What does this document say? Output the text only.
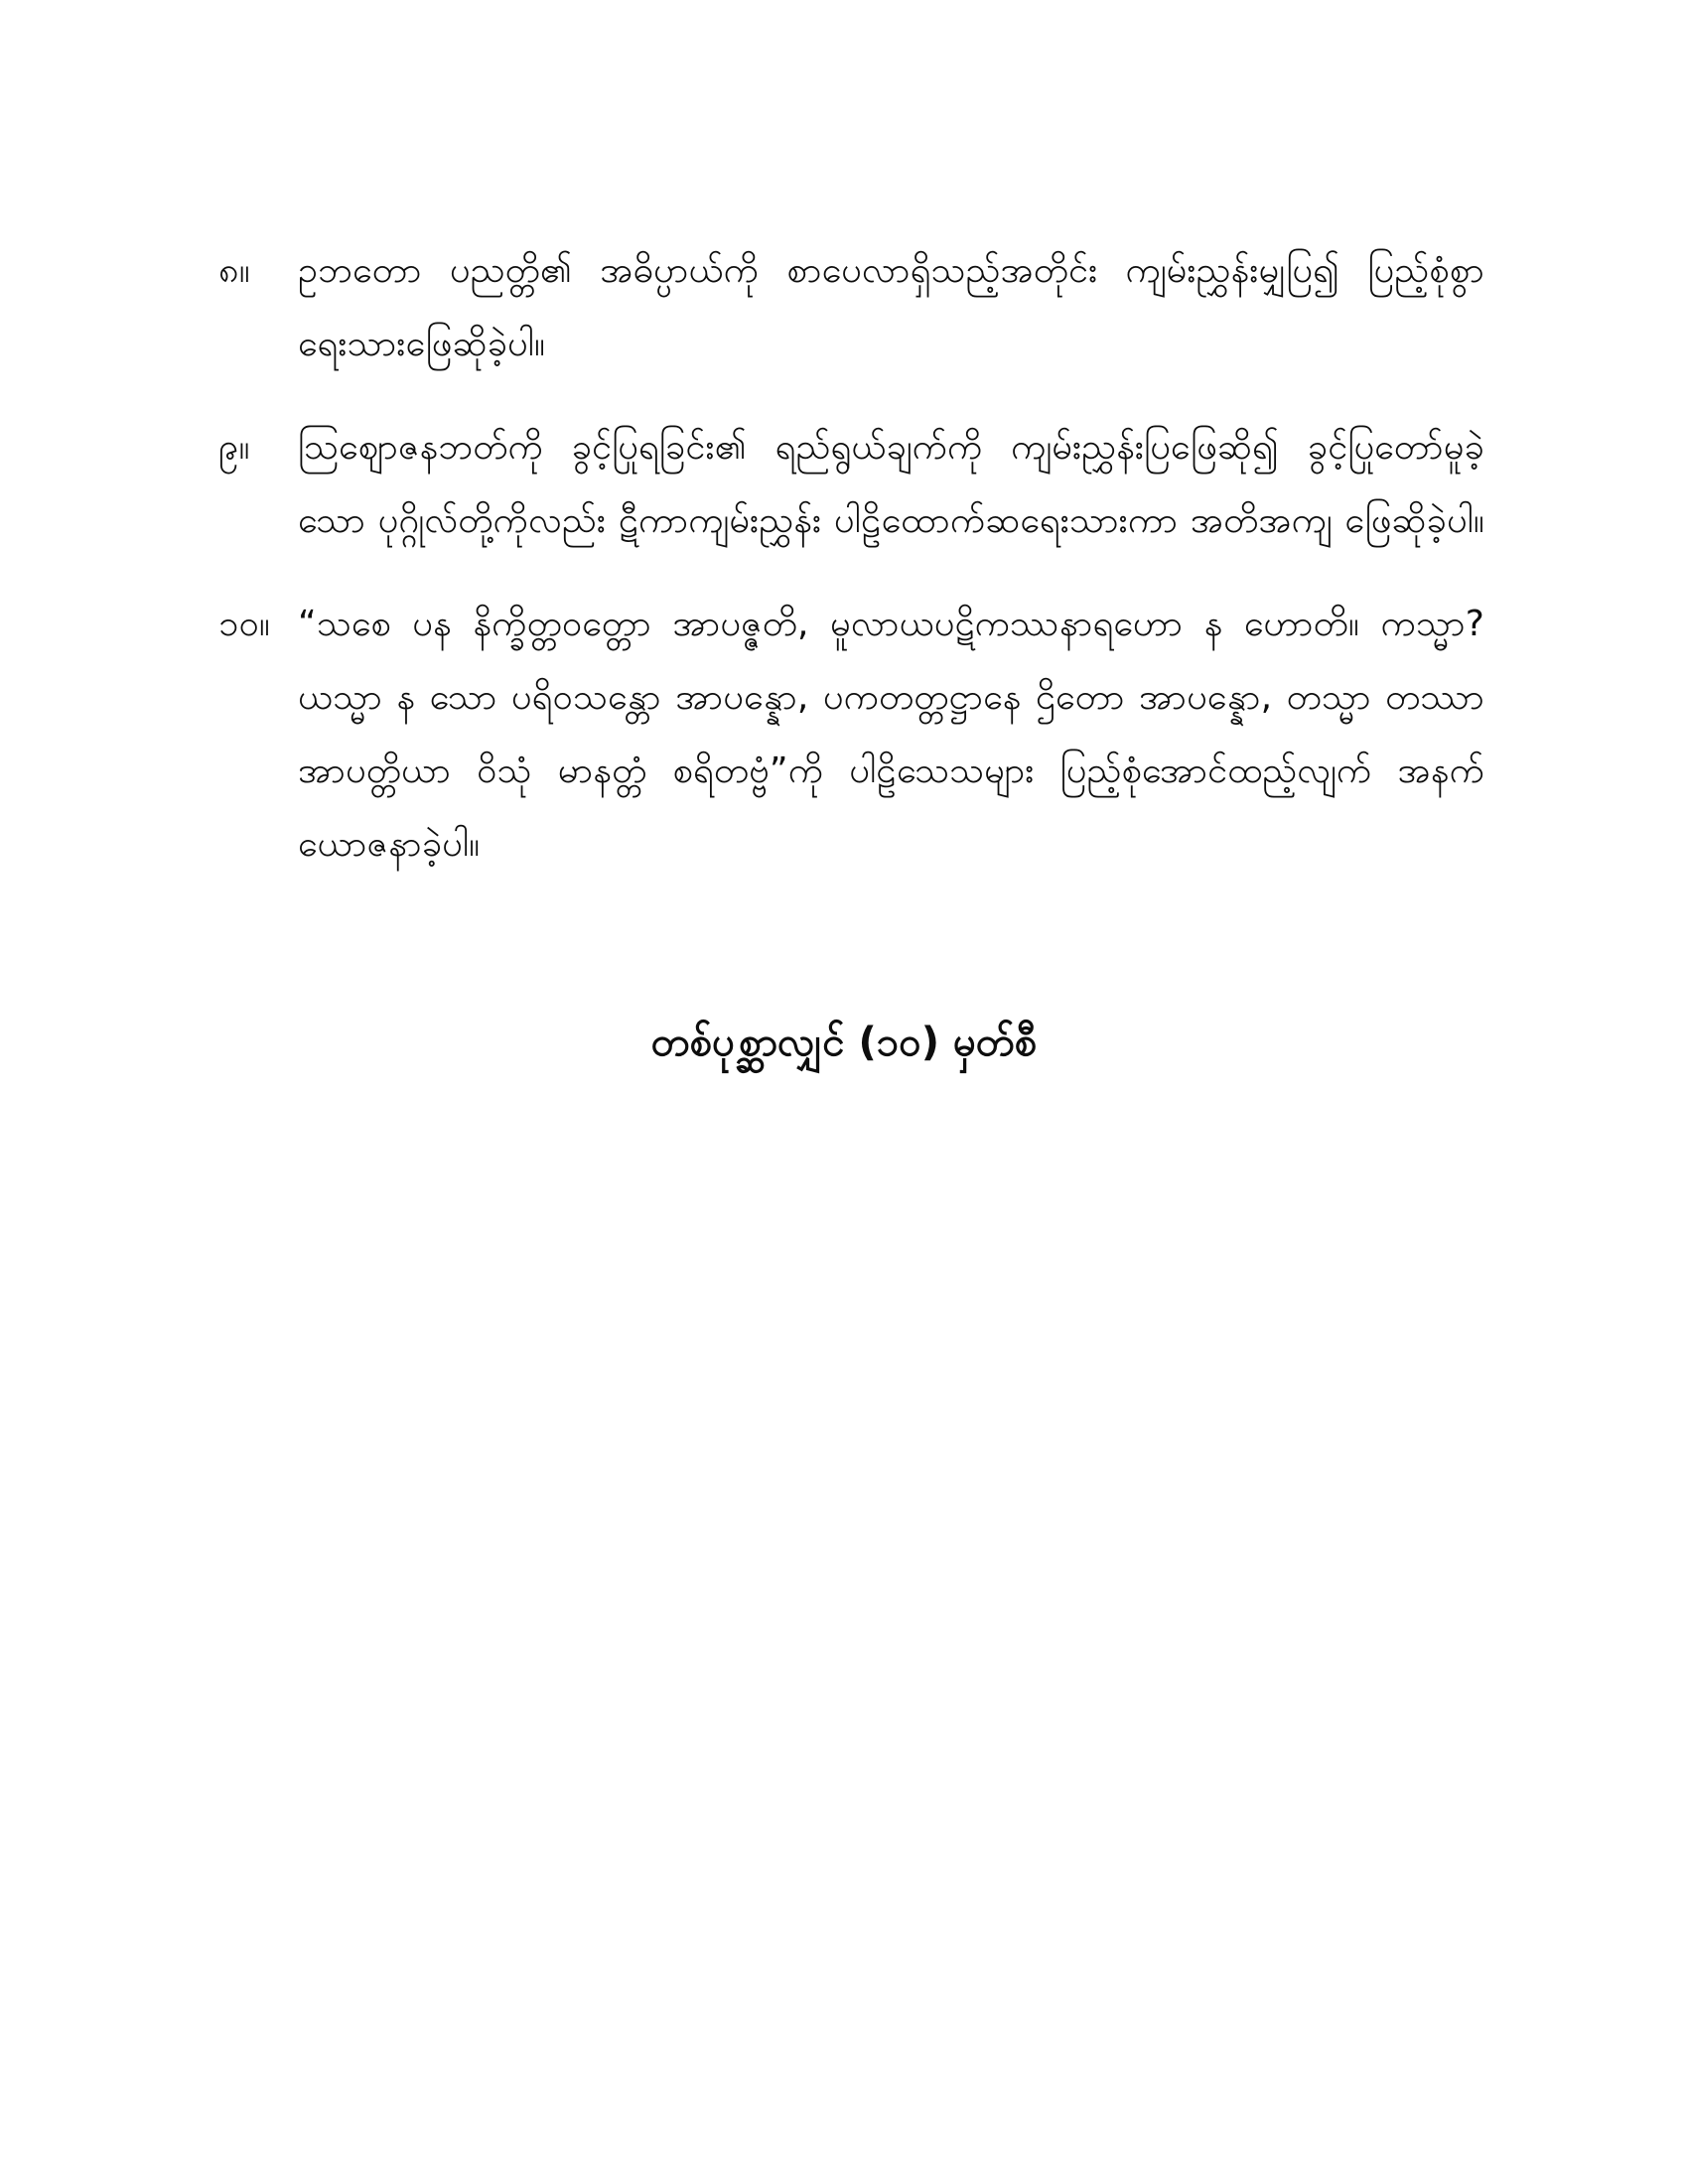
၈။ ဥဘတော ပညတ္တိ၏ အဓိပ္ပာယ်ကို စာပေလာရှိသည့်အတိုင်း ကျမ်းညွှန်းမျှပြ၍ ပြည့်စုံစွာ
ရေးသားဖြေဆိုခဲ့ပါ။
၉။ သြဈောဇနဘတ်ကို ခွင့်ပြုရခြင်း၏ ရည်ရွယ်ချက်ကို ကျမ်းညွှန်းပြဖြေဆို၍ ခွင့်ပြုတော်မူခဲ့
သော ပုဂ္ဂိုလ်တို့ကိုလည်း ဋီကာကျမ်းညွှန်း ပါဠိထောက်ဆရေးသားကာ အတိအကျ ဖြေဆိုခဲ့ပါ။
၁၀။ “သစေ ပန နိက္ခိတ္တဝတ္တော အာပဇ္ဇတိ, မူလာယပဋိကဿနာရဟော န ဟောတိ။ ကသ္မာ?
ယသ္မာ န သော ပရိဝသန္တော အာပန္နော, ပကတတ္တဋ္ဌာနေ ဌိတော အာပန္နော, တသ္မာ တဿာ
အာပတ္တိယာ ဝိသုံ မာနတ္တံ စရိတဗ္ဗံ”ကို ပါဠိသေသများ ပြည့်စုံအောင်ထည့်လျက် အနက်
ယောဇနာခဲ့ပါ။
တစ်ပုစ္ဆာလျှင် (၁၀) မှတ်စီ
